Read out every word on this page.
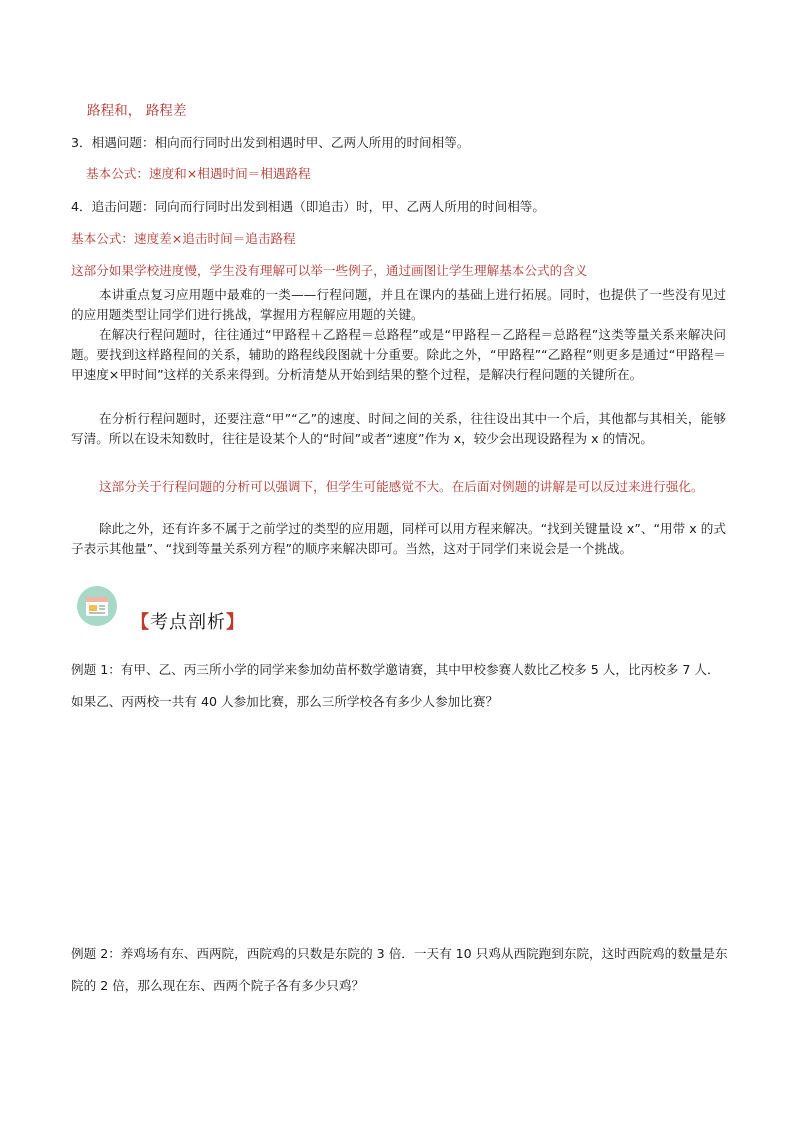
路程和， 路程差
3．相遇问题：相向而行同时出发到相遇时甲、乙两人所用的时间相等。
基本公式：速度和×相遇时间＝相遇路程
4．追击问题：同向而行同时出发到相遇（即追击）时，甲、乙两人所用的时间相等。
基本公式：速度差×追击时间＝追击路程
这部分如果学校进度慢，学生没有理解可以举一些例子，通过画图让学生理解基本公式的含义
本讲重点复习应用题中最难的一类——行程问题，并且在课内的基础上进行拓展。同时，也提供了一些没有见过的应用题类型让同学们进行挑战，掌握用方程解应用题的关键。
在解决行程问题时，往往通过“甲路程＋乙路程＝总路程”或是“甲路程－乙路程＝总路程”这类等量关系来解决问题。要找到这样路程间的关系，辅助的路程线段图就十分重要。除此之外，“甲路程”“乙路程”则更多是通过“甲路程＝甲速度×甲时间”这样的关系来得到。分析清楚从开始到结果的整个过程，是解决行程问题的关键所在。
在分析行程问题时，还要注意“甲”“乙”的速度、时间之间的关系，往往设出其中一个后，其他都与其相关，能够写清。所以在设未知数时，往往是设某个人的“时间”或者“速度”作为 x，较少会出现设路程为 x 的情况。
这部分关于行程问题的分析可以强调下，但学生可能感觉不大。在后面对例题的讲解是可以反过来进行强化。
除此之外，还有许多不属于之前学过的类型的应用题，同样可以用方程来解决。“找到关键量设 x”、“用带 x 的式子表示其他量”、“找到等量关系列方程”的顺序来解决即可。当然，这对于同学们来说会是一个挑战。
【考点剖析】
例题 1：有甲、乙、丙三所小学的同学来参加幼苗杯数学邀请赛，其中甲校参赛人数比乙校多 5 人，比丙校多 7 人．如果乙、丙两校一共有 40 人参加比赛，那么三所学校各有多少人参加比赛？
例题 2：养鸡场有东、西两院，西院鸡的只数是东院的 3 倍．一天有 10 只鸡从西院跑到东院，这时西院鸡的数量是东院的 2 倍，那么现在东、西两个院子各有多少只鸡？
